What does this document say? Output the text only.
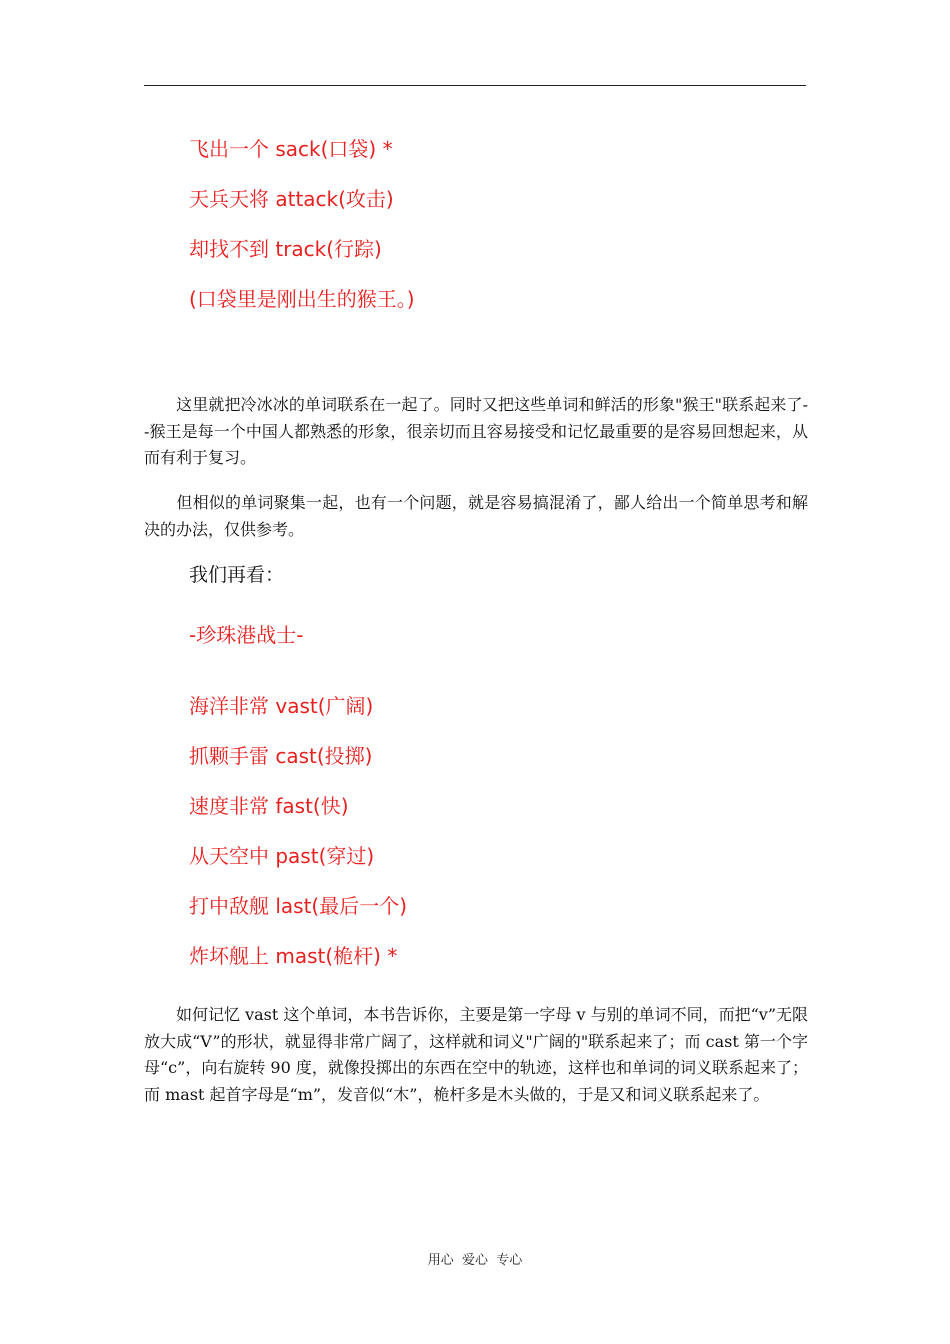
飞出一个 sack(口袋) *
天兵天将 attack(攻击)
却找不到 track(行踪)
(口袋里是刚出生的猴王。)
　　这里就把冷冰冰的单词联系在一起了。同时又把这些单词和鲜活的形象"猴王"联系起来了--猴王是每一个中国人都熟悉的形象，很亲切而且容易接受和记忆最重要的是容易回想起来，从而有利于复习。
　　但相似的单词聚集一起，也有一个问题，就是容易搞混淆了，鄙人给出一个简单思考和解决的办法，仅供参考。
我们再看：
-珍珠港战士-
海洋非常 vast(广阔)
抓颗手雷 cast(投掷)
速度非常 fast(快)
从天空中 past(穿过)
打中敌舰 last(最后一个)
炸坏舰上 mast(桅杆) *
　　如何记忆 vast 这个单词，本书告诉你，主要是第一字母 v 与别的单词不同，而把“v”无限放大成“V”的形状，就显得非常广阔了，这样就和词义"广阔的"联系起来了；而 cast 第一个字母“c”，向右旋转 90 度，就像投掷出的东西在空中的轨迹，这样也和单词的词义联系起来了；而 mast 起首字母是“m”，发音似“木”，桅杆多是木头做的，于是又和词义联系起来了。
用心  爱心  专心
